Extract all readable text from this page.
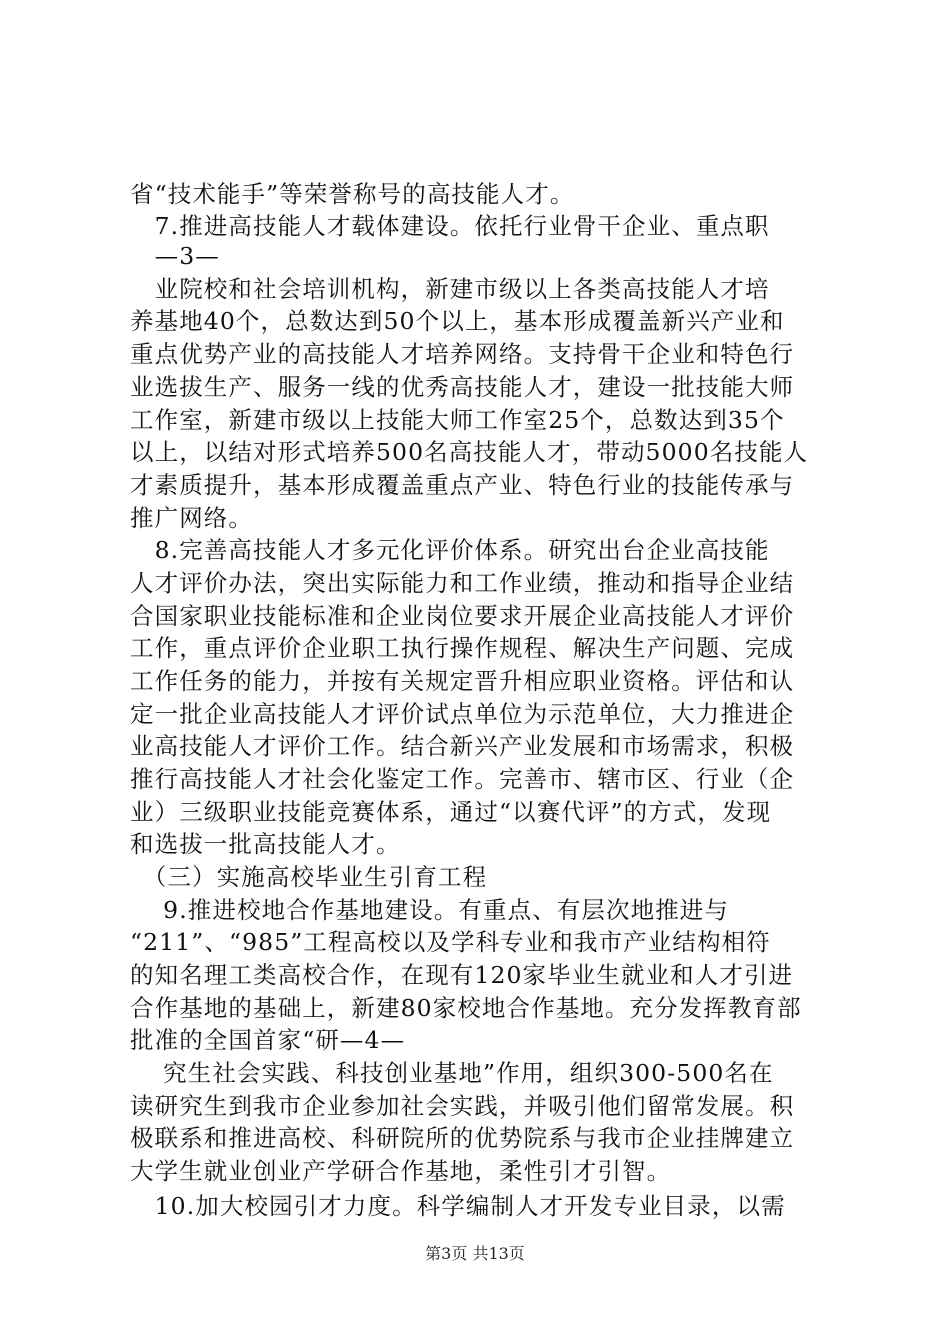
省“技术能手”等荣誉称号的高技能人才。
　7.推进高技能人才载体建设。依托行业骨干企业、重点职
　—3—
　业院校和社会培训机构，新建市级以上各类高技能人才培
养基地40个，总数达到50个以上，基本形成覆盖新兴产业和
重点优势产业的高技能人才培养网络。支持骨干企业和特色行
业选拔生产、服务一线的优秀高技能人才，建设一批技能大师
工作室，新建市级以上技能大师工作室25个，总数达到35个
以上，以结对形式培养500名高技能人才，带动5000名技能人
才素质提升，基本形成覆盖重点产业、特色行业的技能传承与
推广网络。
　8.完善高技能人才多元化评价体系。研究出台企业高技能
人才评价办法，突出实际能力和工作业绩，推动和指导企业结
合国家职业技能标准和企业岗位要求开展企业高技能人才评价
工作，重点评价企业职工执行操作规程、解决生产问题、完成
工作任务的能力，并按有关规定晋升相应职业资格。评估和认
定一批企业高技能人才评价试点单位为示范单位，大力推进企
业高技能人才评价工作。结合新兴产业发展和市场需求，积极
推行高技能人才社会化鉴定工作。完善市、辖市区、行业（企
业）三级职业技能竞赛体系，通过“以赛代评”的方式，发现
和选拔一批高技能人才。
　（三）实施高校毕业生引育工程
　 9.推进校地合作基地建设。有重点、有层次地推进与
“211”、“985”工程高校以及学科专业和我市产业结构相符
的知名理工类高校合作，在现有120家毕业生就业和人才引进
合作基地的基础上，新建80家校地合作基地。充分发挥教育部
批准的全国首家“研—4—
　 究生社会实践、科技创业基地”作用，组织300-500名在
读研究生到我市企业参加社会实践，并吸引他们留常发展。积
极联系和推进高校、科研院所的优势院系与我市企业挂牌建立
大学生就业创业产学研合作基地，柔性引才引智。
　10.加大校园引才力度。科学编制人才开发专业目录，以需
第3页 共13页
